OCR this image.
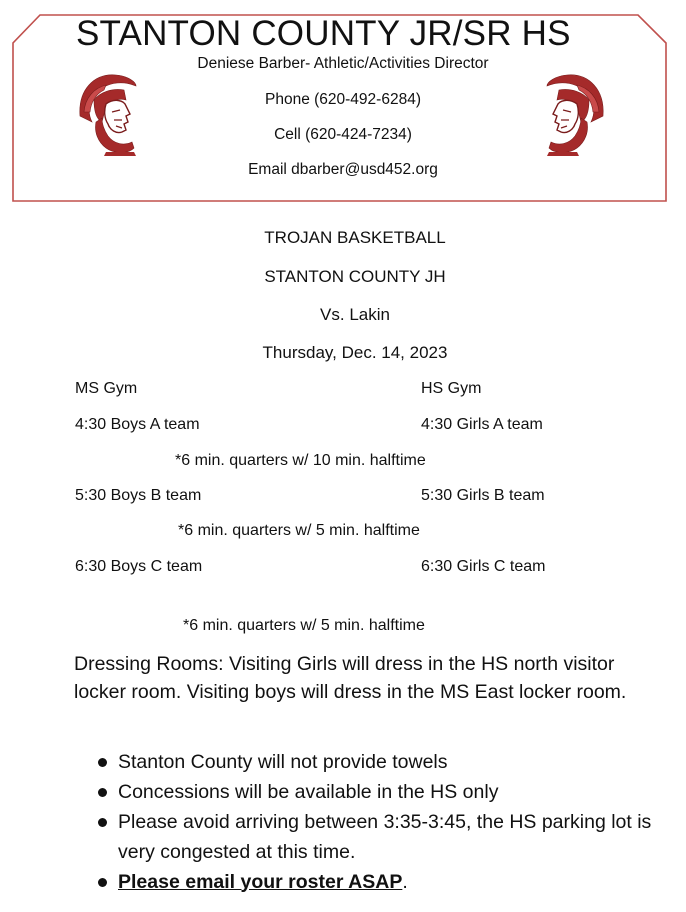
STANTON COUNTY JR/SR HS
Deniese Barber- Athletic/Activities Director
Phone (620-492-6284)
Cell (620-424-7234)
Email dbarber@usd452.org
TROJAN BASKETBALL
STANTON COUNTY JH
Vs. Lakin
Thursday, Dec. 14, 2023
MS Gym	HS Gym
4:30 Boys A team	4:30 Girls A team
*6 min. quarters w/ 10 min. halftime
5:30 Boys B team	5:30 Girls B team
*6 min. quarters w/ 5 min. halftime
6:30 Boys C team	6:30 Girls C team
*6 min. quarters w/ 5 min. halftime

Dressing Rooms: Visiting Girls will dress in the HS north visitor locker room. Visiting boys will dress in the MS East locker room.

Stanton County will not provide towels
Concessions will be available in the HS only
Please avoid arriving between 3:35-3:45, the HS parking lot is very congested at this time.
Please email your roster ASAP.
